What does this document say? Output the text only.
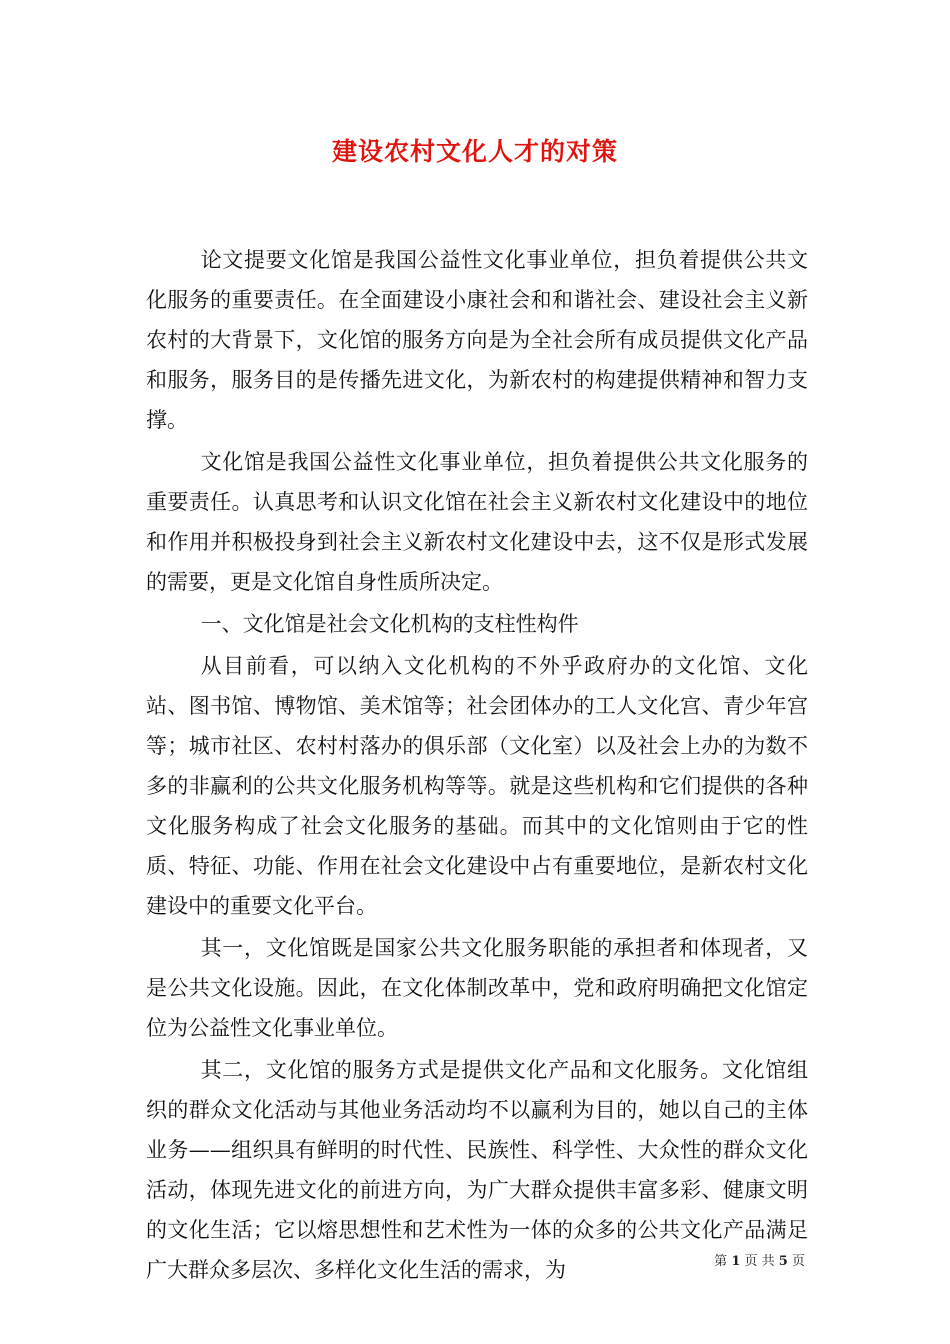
建设农村文化人才的对策

论文提要文化馆是我国公益性文化事业单位，担负着提供公共文化服务的重要责任。在全面建设小康社会和和谐社会、建设社会主义新农村的大背景下，文化馆的服务方向是为全社会所有成员提供文化产品和服务，服务目的是传播先进文化，为新农村的构建提供精神和智力支撑。

文化馆是我国公益性文化事业单位，担负着提供公共文化服务的重要责任。认真思考和认识文化馆在社会主义新农村文化建设中的地位和作用并积极投身到社会主义新农村文化建设中去，这不仅是形式发展的需要，更是文化馆自身性质所决定。

一、文化馆是社会文化机构的支柱性构件

从目前看，可以纳入文化机构的不外乎政府办的文化馆、文化站、图书馆、博物馆、美术馆等；社会团体办的工人文化宫、青少年宫等；城市社区、农村村落办的俱乐部（文化室）以及社会上办的为数不多的非赢利的公共文化服务机构等等。就是这些机构和它们提供的各种文化服务构成了社会文化服务的基础。而其中的文化馆则由于它的性质、特征、功能、作用在社会文化建设中占有重要地位，是新农村文化建设中的重要文化平台。

其一，文化馆既是国家公共文化服务职能的承担者和体现者，又是公共文化设施。因此，在文化体制改革中，党和政府明确把文化馆定位为公益性文化事业单位。

其二，文化馆的服务方式是提供文化产品和文化服务。文化馆组织的群众文化活动与其他业务活动均不以赢利为目的，她以自己的主体业务——组织具有鲜明的时代性、民族性、科学性、大众性的群众文化活动，体现先进文化的前进方向，为广大群众提供丰富多彩、健康文明的文化生活；它以熔思想性和艺术性为一体的众多的公共文化产品满足广大群众多层次、多样化文化生活的需求，为	第 1 页 共 5 页
